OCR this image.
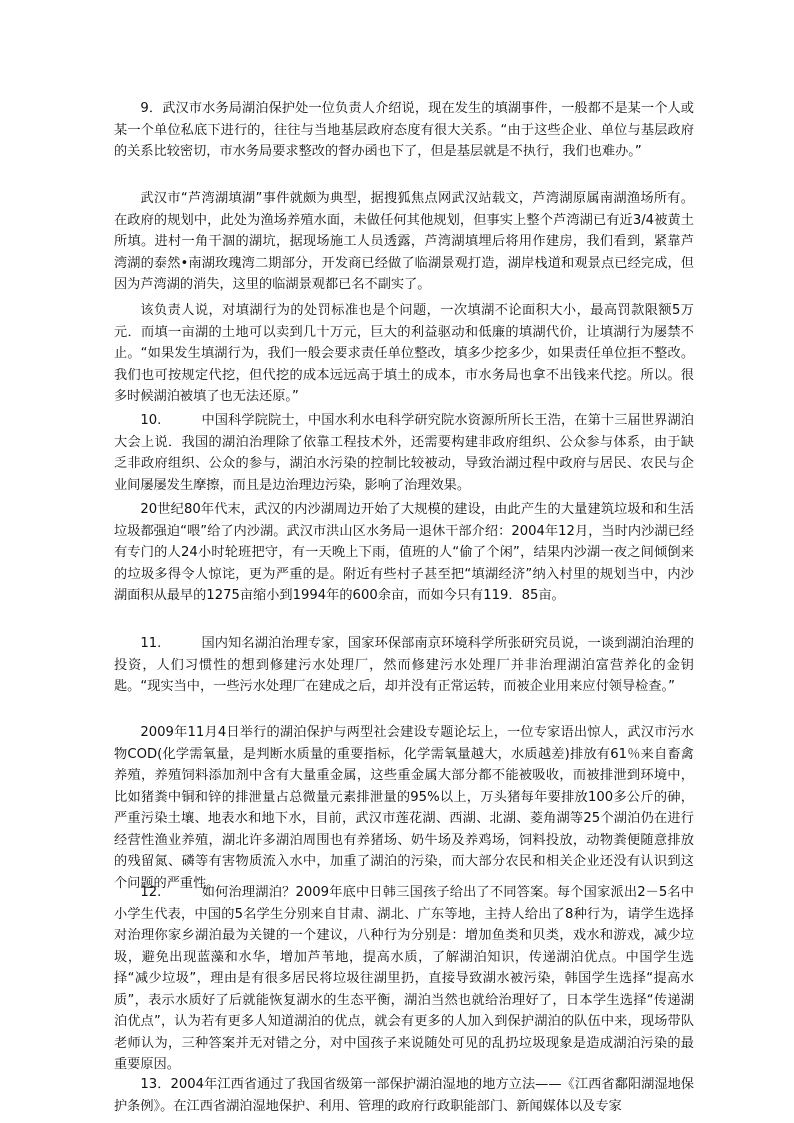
9．武汉市水务局湖泊保护处一位负责人介绍说，现在发生的填湖事件，一般都不是某一个人或某一个单位私底下进行的，往往与当地基层政府态度有很大关系。“由于这些企业、单位与基层政府的关系比较密切，市水务局要求整改的督办函也下了，但是基层就是不执行，我们也难办。”

武汉市“芦湾湖填湖”事件就颇为典型，据搜狐焦点网武汉站载文，芦湾湖原属南湖渔场所有。在政府的规划中，此处为渔场养殖水面，未做任何其他规划，但事实上整个芦湾湖已有近3/4被黄土所填。进村一角干涸的湖坑，据现场施工人员透露，芦湾湖填埋后将用作建房，我们看到，紧靠芦湾湖的泰然•南湖玫瑰湾二期部分，开发商已经做了临湖景观打造，湖岸栈道和观景点已经完成，但因为芦湾湖的消失，这里的临湖景观都已名不副实了。

该负责人说，对填湖行为的处罚标准也是个问题，一次填湖不论面积大小，最高罚款限额5万元．而填一亩湖的土地可以卖到几十万元，巨大的利益驱动和低廉的填湖代价，让填湖行为屡禁不止。“如果发生填湖行为，我们一般会要求责任单位整改，填多少挖多少，如果责任单位拒不整改。我们也可按规定代挖，但代挖的成本远远高于填土的成本，市水务局也拿不出钱来代挖。所以。很多时候湖泊被填了也无法还原。”

10.　　　中国科学院院士，中国水利水电科学研究院水资源所所长王浩，在第十三届世界湖泊大会上说．我国的湖泊治理除了依靠工程技术外，还需要构建非政府组织、公众参与体系，由于缺乏非政府组织、公众的参与，湖泊水污染的控制比较被动，导致治湖过程中政府与居民、农民与企业间屡屡发生摩擦，而且是边治理边污染，影响了治理效果。

20世纪80年代末，武汉的内沙湖周边开始了大规模的建设，由此产生的大量建筑垃圾和和生活垃圾都强迫“喂”给了内沙湖。武汉市洪山区水务局一退休干部介绍：2004年12月，当时内沙湖已经有专门的人24小时轮班把守，有一天晚上下雨，值班的人“偷了个闲”，结果内沙湖一夜之间倾倒来的垃圾多得令人惊诧，更为严重的是。附近有些村子甚至把“填湖经济”纳入村里的规划当中，内沙湖面积从最早的1275亩缩小到1994年的600余亩，而如今只有119．85亩。

11.　　　国内知名湖泊治理专家，国家环保部南京环境科学所张研究员说，一谈到湖泊治理的投资，人们习惯性的想到修建污水处理厂，然而修建污水处理厂并非治理湖泊富营养化的金钥匙。“现实当中，一些污水处理厂在建成之后，却并没有正常运转，而被企业用来应付领导检查。”

2009年11月4日举行的湖泊保护与两型社会建设专题论坛上，一位专家语出惊人，武汉市污水物COD(化学需氧量，是判断水质量的重要指标，化学需氧量越大，水质越差)排放有61％来自畜禽养殖，养殖饲料添加剂中含有大量重金属，这些重金属大部分都不能被吸收，而被排泄到环境中，比如猪粪中铜和锌的排泄量占总微量元素排泄量的95%以上，万头猪每年要排放100多公斤的砷，严重污染土壤、地表水和地下水，目前，武汉市莲花湖、西湖、北湖、菱角湖等25个湖泊仍在进行经营性渔业养殖，湖北许多湖泊周围也有养猪场、奶牛场及养鸡场，饲料投放，动物粪便随意排放的残留氮、磷等有害物质流入水中，加重了湖泊的污染，而大部分农民和相关企业还没有认识到这个问题的严重性。

12.　　　如何治理湖泊？2009年底中日韩三国孩子给出了不同答案。每个国家派出2－5名中小学生代表，中国的5名学生分别来自甘肃、湖北、广东等地，主持人给出了8种行为，请学生选择对治理你家乡湖泊最为关键的一个建议，八种行为分别是：增加鱼类和贝类，戏水和游戏，减少垃圾，避免出现蓝藻和水华，增加芦苇地，提高水质，了解湖泊知识，传递湖泊优点。中国学生选择“减少垃圾”，理由是有很多居民将垃圾往湖里扔，直接导致湖水被污染，韩国学生选择“提高水质”，表示水质好了后就能恢复湖水的生态平衡，湖泊当然也就给治理好了，日本学生选择“传递湖泊优点”，认为若有更多人知道湖泊的优点，就会有更多的人加入到保护湖泊的队伍中来，现场带队老师认为，三种答案并无对错之分，对中国孩子来说随处可见的乱扔垃圾现象是造成湖泊污染的最重要原因。

13．2004年江西省通过了我国省级第一部保护湖泊湿地的地方立法——《江西省鄱阳湖湿地保护条例》。在江西省湖泊湿地保护、利用、管理的政府行政职能部门、新闻媒体以及专家
